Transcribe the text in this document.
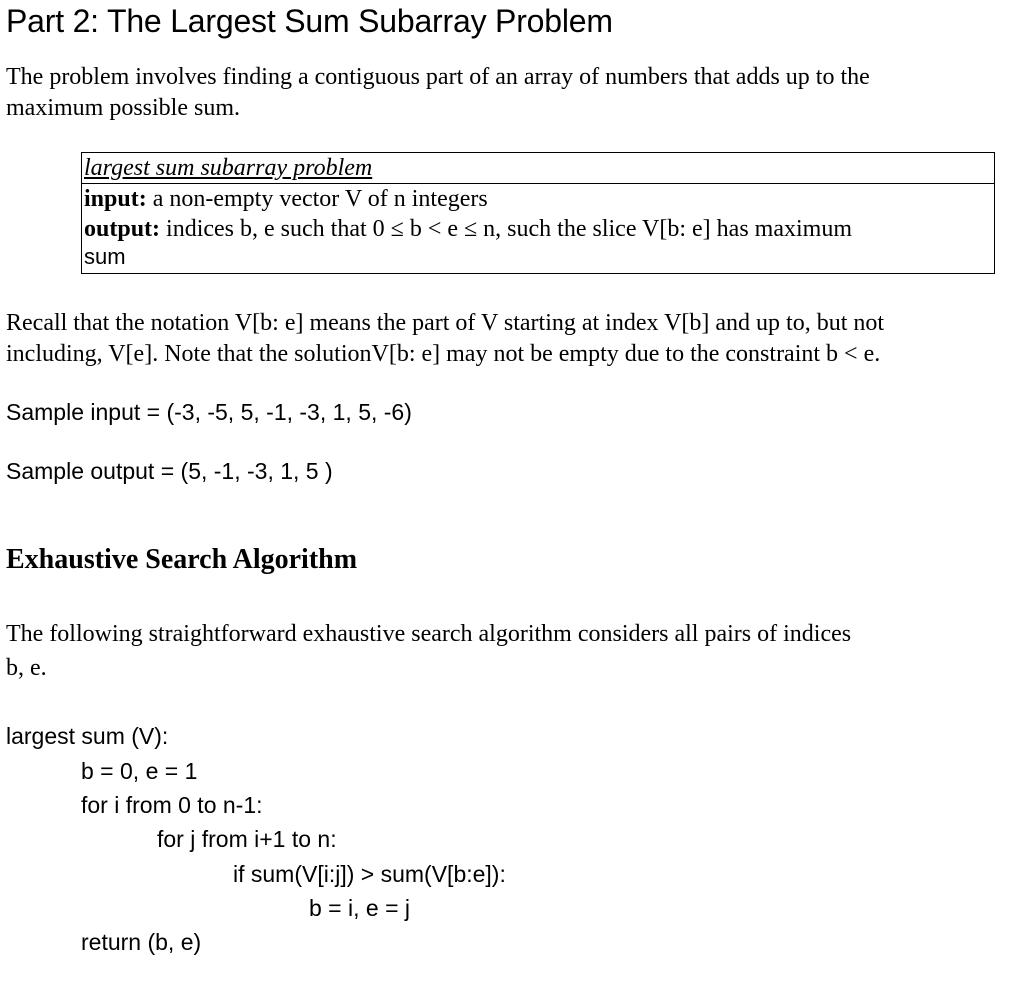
Part 2: The Largest Sum Subarray Problem
The problem involves finding a contiguous part of an array of numbers that adds up to the
maximum possible sum.
largest sum subarray problem
input: a non-empty vector V of n integers
output: indices b, e such that 0 ≤ b < e ≤ n, such the slice V[b: e] has maximum
sum
Recall that the notation V[b: e] means the part of V starting at index V[b] and up to, but not
including, V[e]. Note that the solutionV[b: e] may not be empty due to the constraint b < e.
Sample input = (-3, -5, 5, -1, -3, 1, 5, -6)
Sample output = (5, -1, -3, 1, 5 )
Exhaustive Search Algorithm
The following straightforward exhaustive search algorithm considers all pairs of indices
b, e.
largest sum (V):
b = 0, e = 1
for i from 0 to n-1:
for j from i+1 to n:
if sum(V[i:j]) > sum(V[b:e]):
b = i, e = j
return (b, e)
